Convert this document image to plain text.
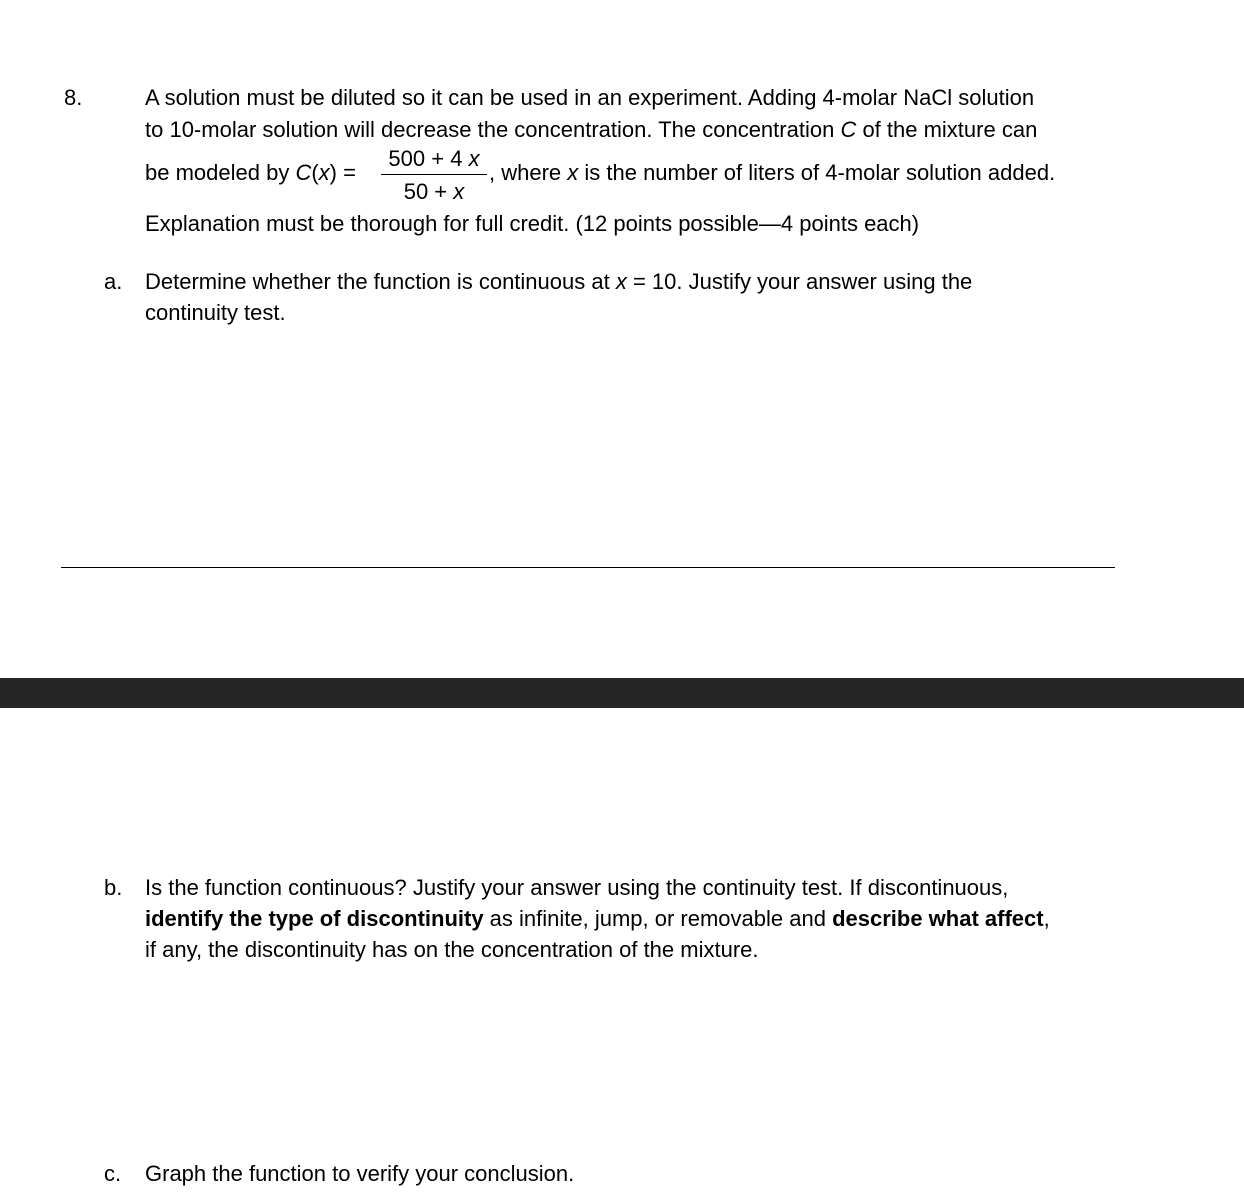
8.	A solution must be diluted so it can be used in an experiment. Adding 4-molar NaCl solution
to 10-molar solution will decrease the concentration. The concentration C of the mixture can
be modeled by C(x) =
500 + 4 x
50 + x
, where x is the number of liters of 4-molar solution added.
Explanation must be thorough for full credit. (12 points possible—4 points each)
a. Determine whether the function is continuous at x = 10. Justify your answer using the
continuity test.
b. Is the function continuous? Justify your answer using the continuity test. If discontinuous,
identify the type of discontinuity as infinite, jump, or removable and describe what affect,
if any, the discontinuity has on the concentration of the mixture.
c. Graph the function to verify your conclusion.
